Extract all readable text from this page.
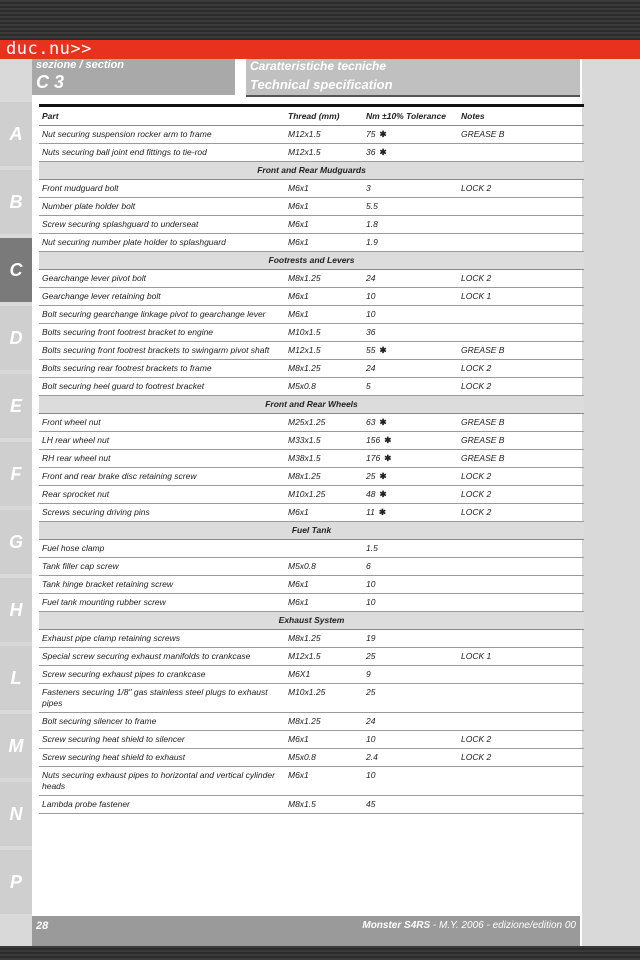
duc.nu>>
sezione / section
C 3
Caratteristiche tecniche
Technical specification
A
B
C
D
E
F
G
H
L
M
N
P
Part	Thread (mm)	Nm ±10% Tolerance	Notes
Nut securing suspension rocker arm to frame	M12x1.5	75 ✱	GREASE B
Nuts securing ball joint end fittings to tie-rod	M12x1.5	36 ✱	
Front and Rear Mudguards			
Front mudguard bolt	M6x1	3	LOCK 2
Number plate holder bolt	M6x1	5.5	
Screw securing splashguard to underseat	M6x1	1.8	
Nut securing number plate holder to splashguard	M6x1	1.9	
Footrests and Levers			
Gearchange lever pivot bolt	M8x1.25	24	LOCK 2
Gearchange lever retaining bolt	M6x1	10	LOCK 1
Bolt securing gearchange linkage pivot to gearchange lever	M6x1	10	
Bolts securing front footrest bracket to engine	M10x1.5	36	
Bolts securing front footrest brackets to swingarm pivot shaft	M12x1.5	55 ✱	GREASE B
Bolts securing rear footrest brackets to frame	M8x1.25	24	LOCK 2
Bolt securing heel guard to footrest bracket	M5x0.8	5	LOCK 2
Front and Rear Wheels			
Front wheel nut	M25x1.25	63 ✱	GREASE B
LH rear wheel nut	M33x1.5	156 ✱	GREASE B
RH rear wheel nut	M38x1.5	176 ✱	GREASE B
Front and rear brake disc retaining screw	M8x1.25	25 ✱	LOCK 2
Rear sprocket nut	M10x1.25	48 ✱	LOCK 2
Screws securing driving pins	M6x1	11 ✱	LOCK 2
Fuel Tank			
Fuel hose clamp		1.5	
Tank filler cap screw	M5x0.8	6	
Tank hinge bracket retaining screw	M6x1	10	
Fuel tank mounting rubber screw	M6x1	10	
Exhaust System			
Exhaust pipe clamp retaining screws	M8x1.25	19	
Special screw securing exhaust manifolds to crankcase	M12x1.5	25	LOCK 1
Screw securing exhaust pipes to crankcase	M6X1	9	
Fasteners securing 1/8" gas stainless steel plugs to exhaust pipes	M10x1.25	25	
Bolt securing silencer to frame	M8x1.25	24	
Screw securing heat shield to silencer	M6x1	10	LOCK 2
Screw securing heat shield to exhaust	M5x0.8	2.4	LOCK 2
Nuts securing exhaust pipes to horizontal and vertical cylinder heads	M6x1	10	
Lambda probe fastener	M8x1.5	45	
28	Monster S4RS - M.Y. 2006 - edizione/edition 00
